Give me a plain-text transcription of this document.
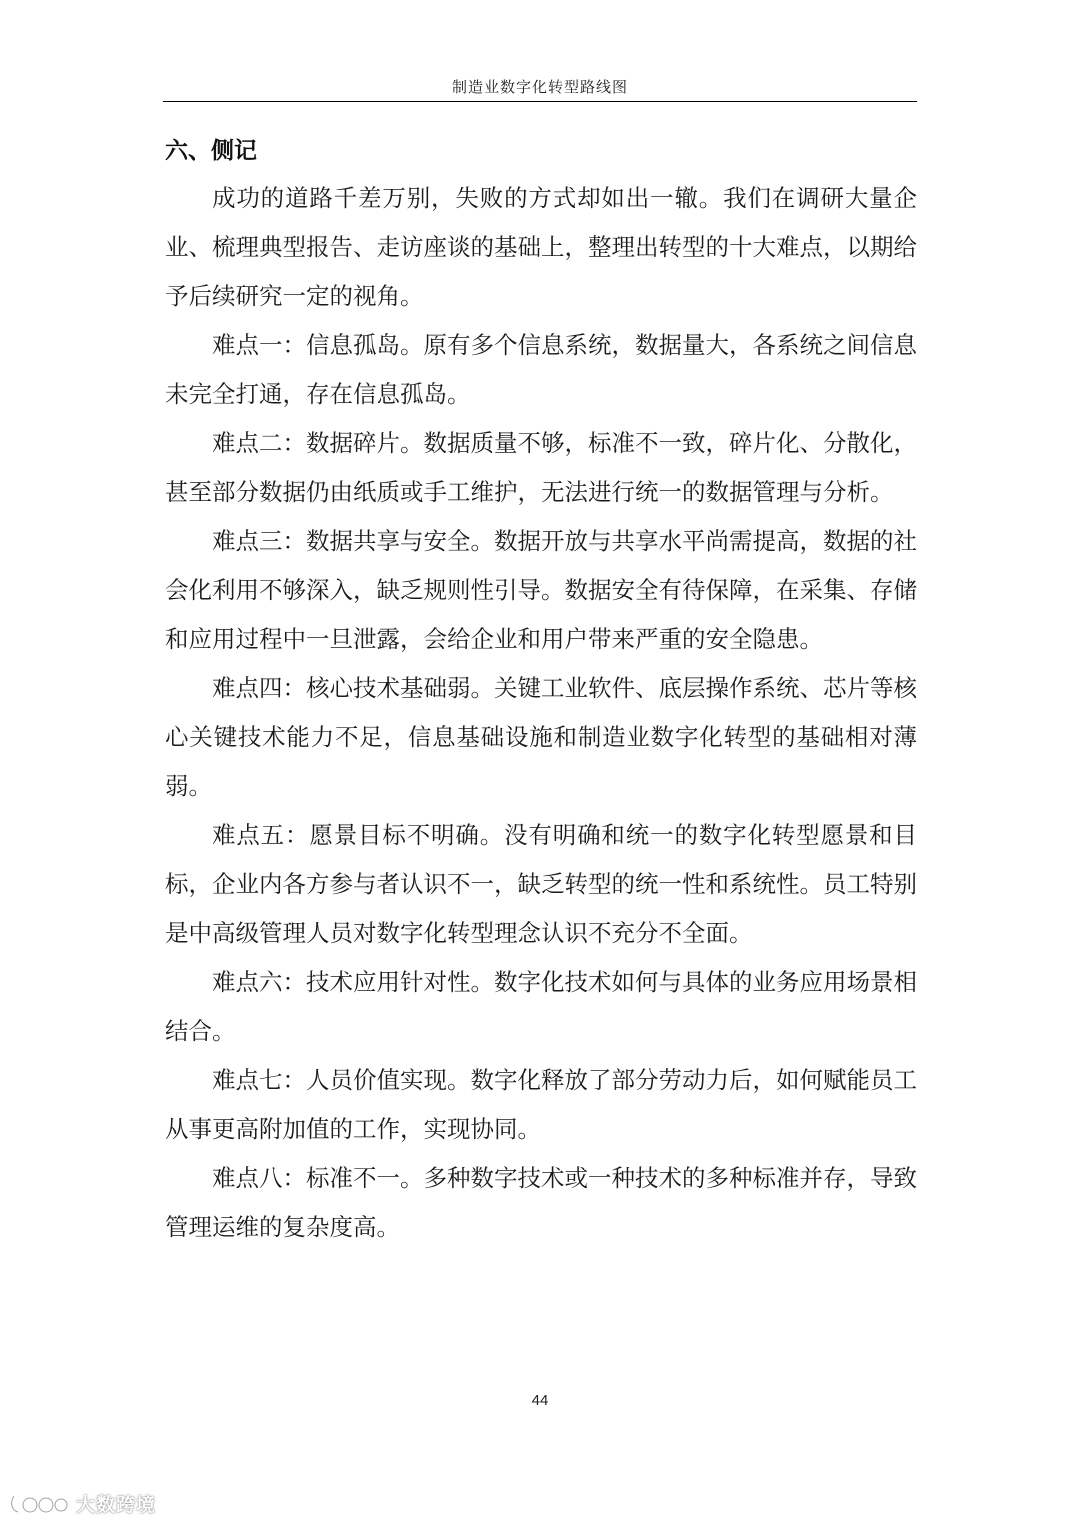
制造业数字化转型路线图
六、侧记

成功的道路千差万别，失败的方式却如出一辙。我们在调研大量企业、梳理典型报告、走访座谈的基础上，整理出转型的十大难点，以期给予后续研究一定的视角。

难点一：信息孤岛。原有多个信息系统，数据量大，各系统之间信息未完全打通，存在信息孤岛。

难点二：数据碎片。数据质量不够，标准不一致，碎片化、分散化，甚至部分数据仍由纸质或手工维护，无法进行统一的数据管理与分析。

难点三：数据共享与安全。数据开放与共享水平尚需提高，数据的社会化利用不够深入，缺乏规则性引导。数据安全有待保障，在采集、存储和应用过程中一旦泄露，会给企业和用户带来严重的安全隐患。

难点四：核心技术基础弱。关键工业软件、底层操作系统、芯片等核心关键技术能力不足，信息基础设施和制造业数字化转型的基础相对薄弱。

难点五：愿景目标不明确。没有明确和统一的数字化转型愿景和目标，企业内各方参与者认识不一，缺乏转型的统一性和系统性。员工特别是中高级管理人员对数字化转型理念认识不充分不全面。

难点六：技术应用针对性。数字化技术如何与具体的业务应用场景相结合。

难点七：人员价值实现。数字化释放了部分劳动力后，如何赋能员工从事更高附加值的工作，实现协同。

难点八：标准不一。多种数字技术或一种技术的多种标准并存，导致管理运维的复杂度高。

44
大数跨境
